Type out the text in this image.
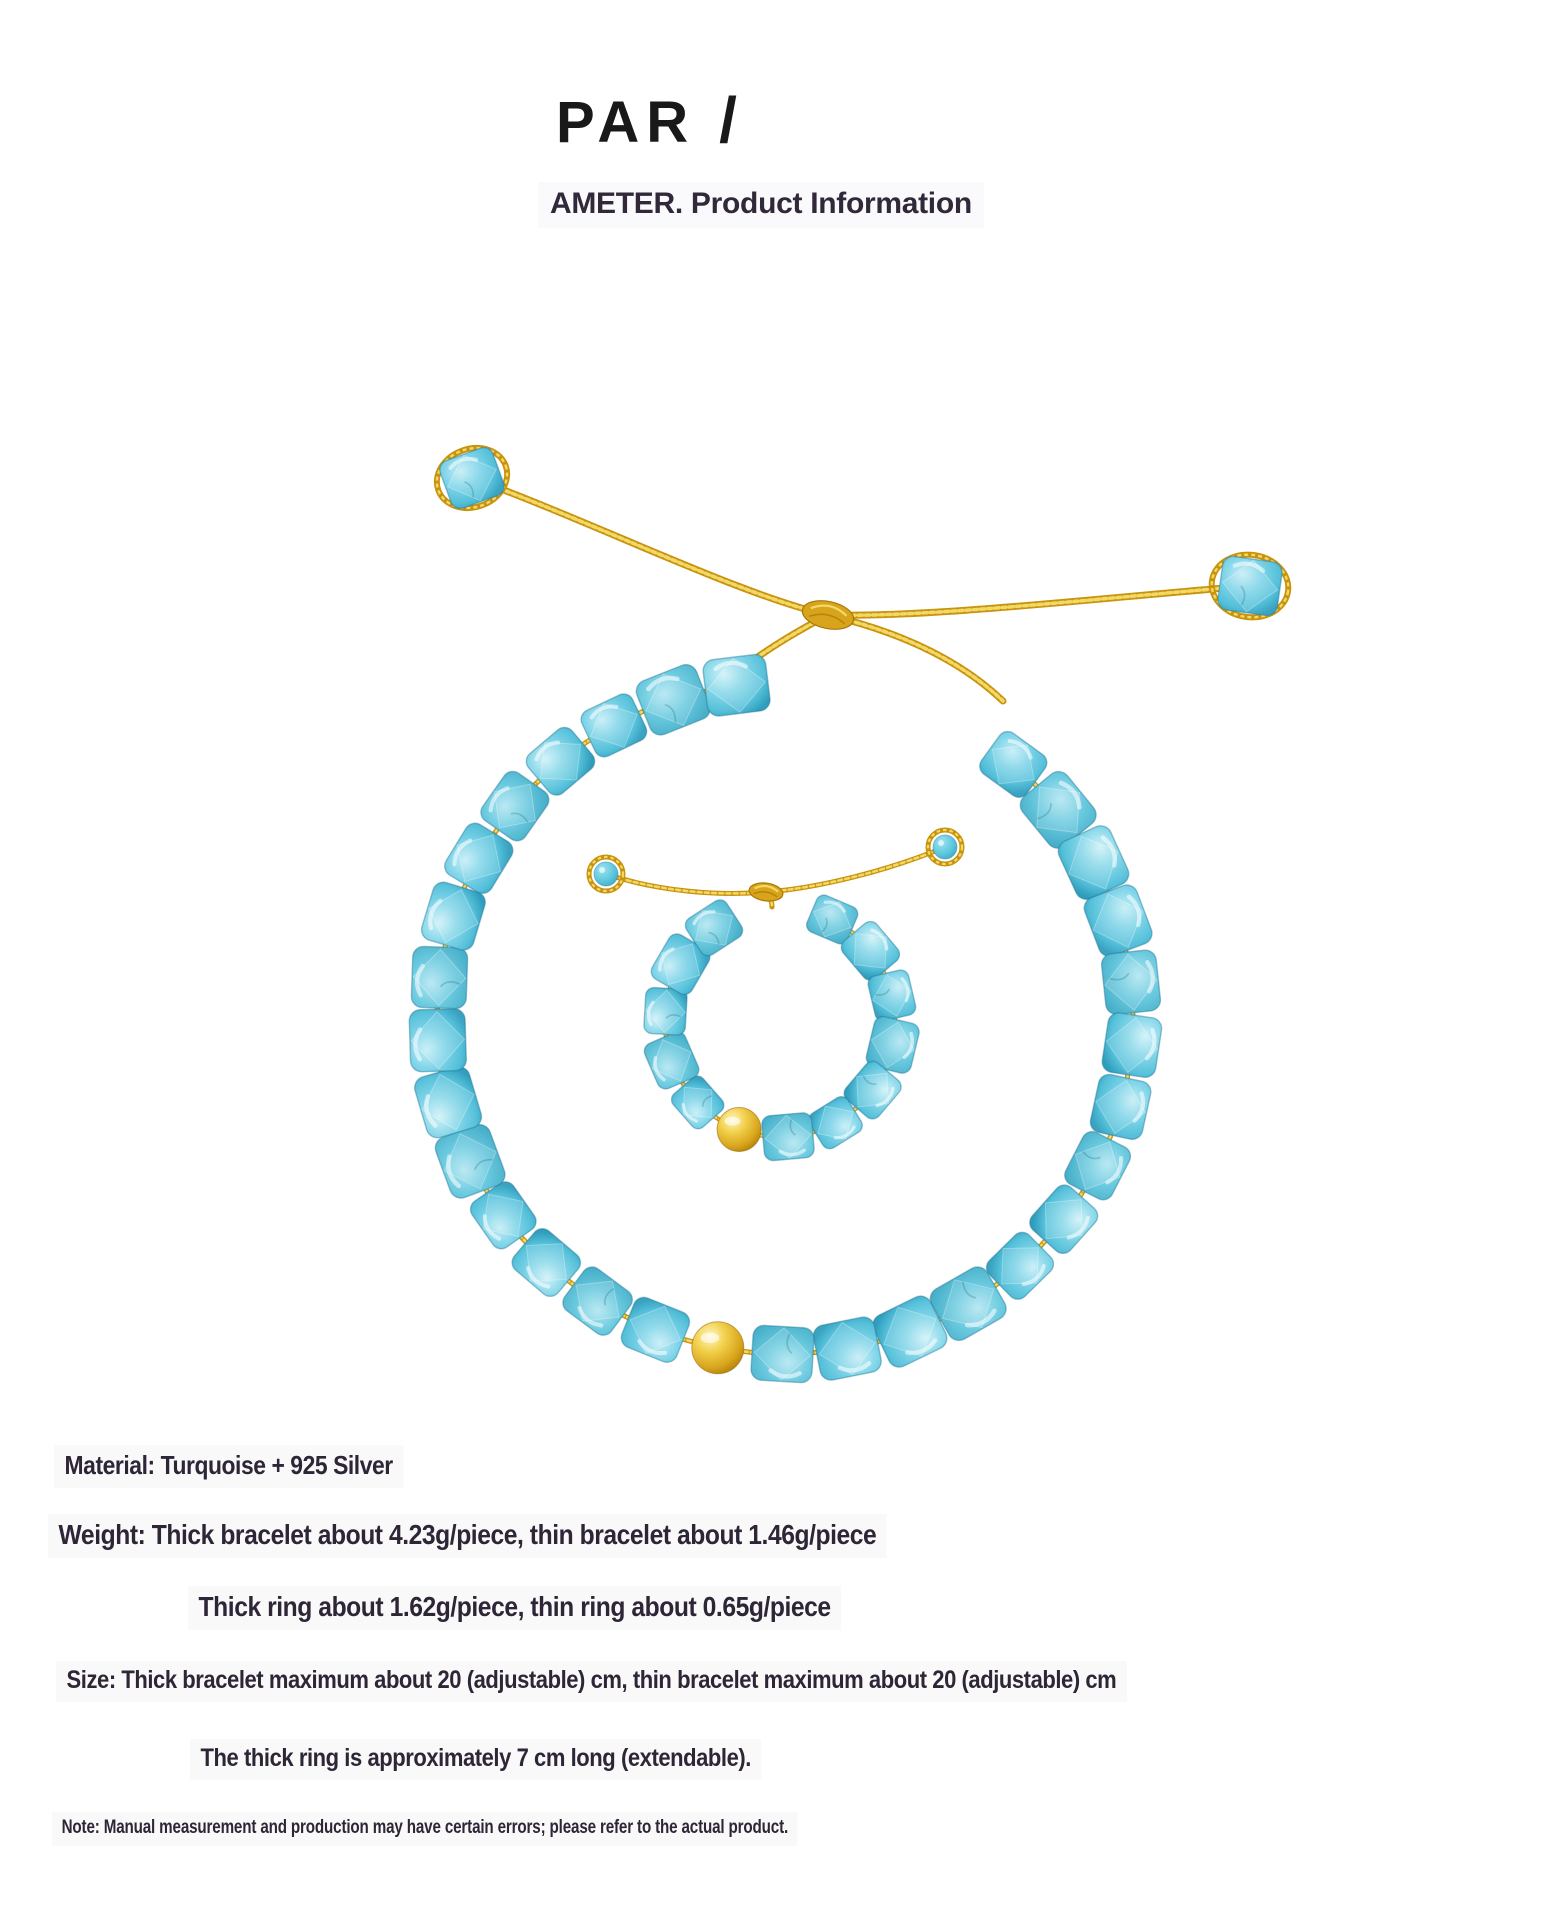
PAR /
AMETER. Product Information
Material: Turquoise + 925 Silver
Weight: Thick bracelet about 4.23g/piece, thin bracelet about 1.46g/piece
Thick ring about 1.62g/piece, thin ring about 0.65g/piece
Size: Thick bracelet maximum about 20 (adjustable) cm, thin bracelet maximum about 20 (adjustable) cm
The thick ring is approximately 7 cm long (extendable).
Note: Manual measurement and production may have certain errors; please refer to the actual product.
